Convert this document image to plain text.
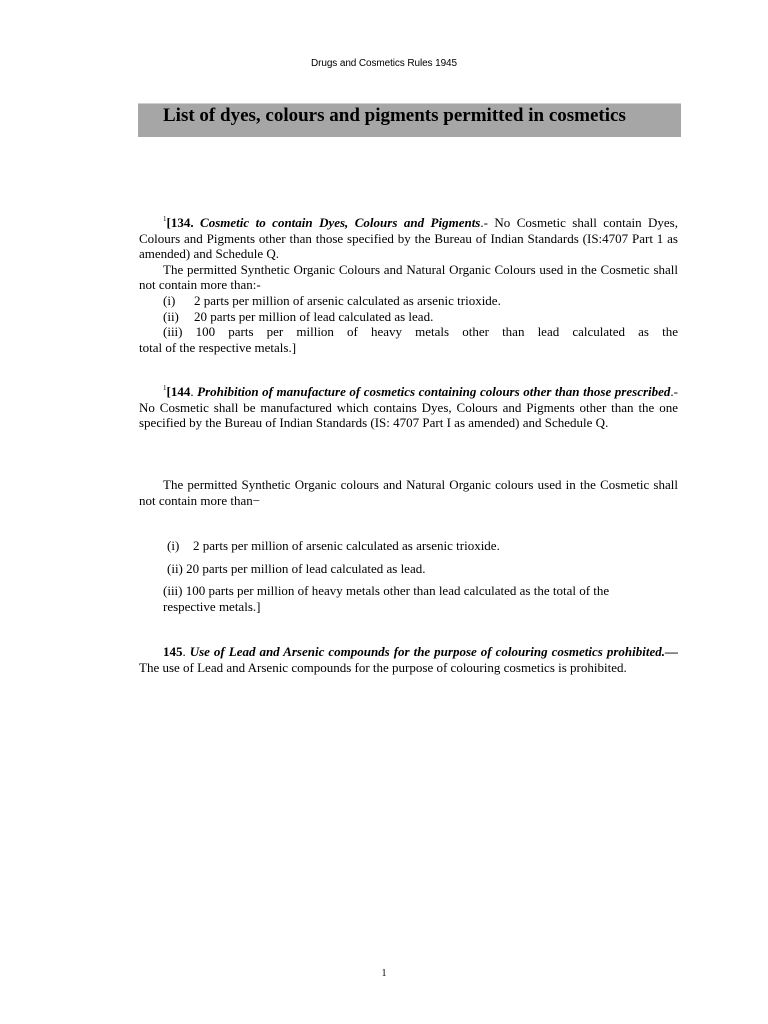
Drugs and Cosmetics Rules 1945
List of dyes, colours and pigments permitted in cosmetics

$^1$[134. Cosmetic to contain Dyes, Colours and Pigments.- No Cosmetic shall contain Dyes, Colours and Pigments other than those specified by the Bureau of Indian Standards (IS:4707 Part 1 as amended) and Schedule Q.

The permitted Synthetic Organic Colours and Natural Organic Colours used in the Cosmetic shall not contain more than:-

(i) 2 parts per million of arsenic calculated as arsenic trioxide.

(ii) 20 parts per million of lead calculated as lead.

(iii) 100 parts per million of heavy metals other than lead calculated as the

total of the respective metals.]

$^1$[144. Prohibition of manufacture of cosmetics containing colours other than those prescribed.- No Cosmetic shall be manufactured which contains Dyes, Colours and Pigments other than the one specified by the Bureau of Indian Standards (IS: 4707 Part I as amended) and Schedule Q.

The permitted Synthetic Organic colours and Natural Organic colours used in the Cosmetic shall not contain more than−

(i) 2 parts per million of arsenic calculated as arsenic trioxide.

(ii) 20 parts per million of lead calculated as lead.

(iii) 100 parts per million of heavy metals other than lead calculated as the total of the

respective metals.]

145. Use of Lead and Arsenic compounds for the purpose of colouring cosmetics prohibited.—The use of Lead and Arsenic compounds for the purpose of colouring cosmetics is prohibited.

1
